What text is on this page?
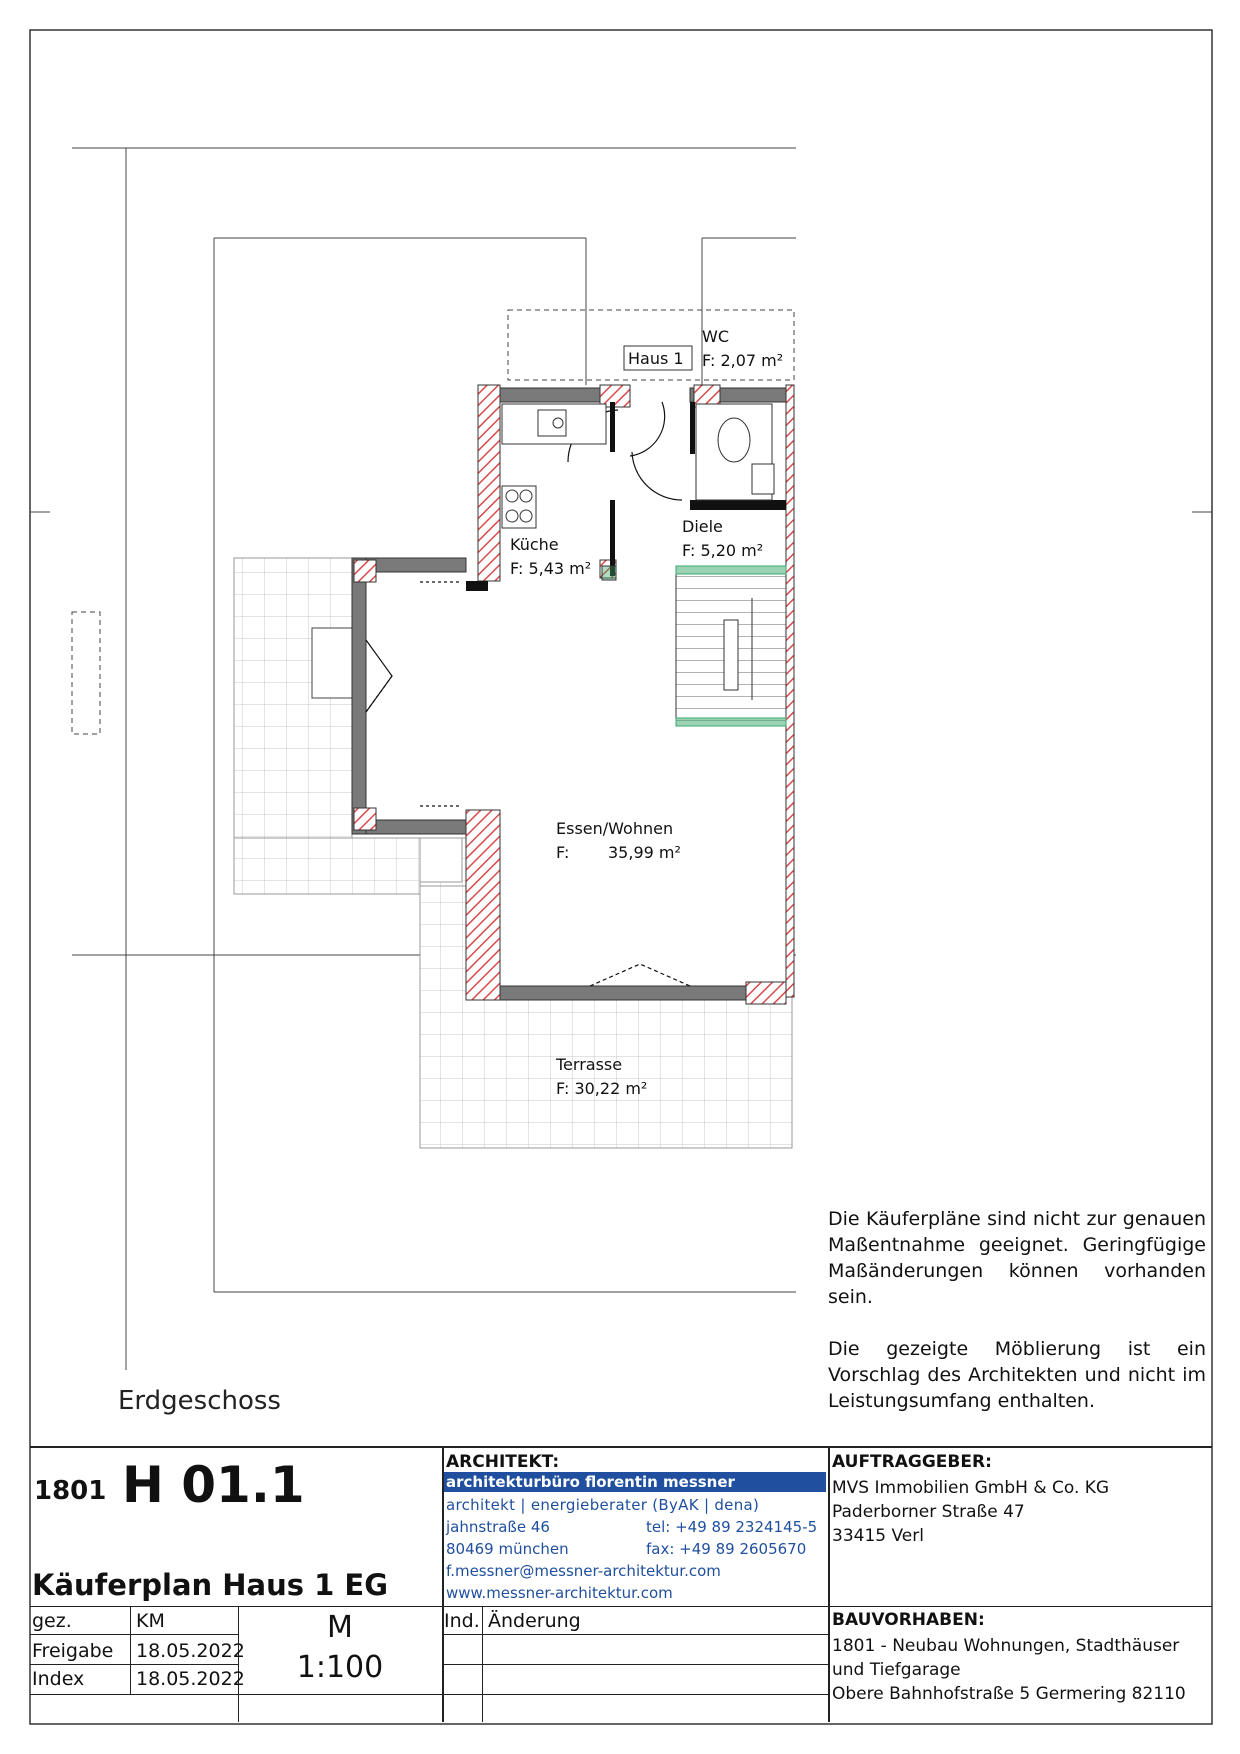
Haus 1
WC
F: 2,07 m²
Küche
F: 5,43 m²
Diele
F: 5,20 m²
Essen/Wohnen
F: 35,99 m²
Terrasse
F: 30,22 m²
Die Käuferpläne sind nicht zur genauen Maßentnahme geeignet. Geringfügige Maßänderungen können vorhanden sein.
Die gezeigte Möblierung ist ein Vorschlag des Architekten und nicht im Leistungsumfang enthalten.
Erdgeschoss
1801 H 01.1
Käuferplan Haus 1 EG
gez.	KM
Freigabe 18.05.2022
Index	18.05.2022
M
1:100
Ind. Änderung
ARCHITEKT:
architekturbüro florentin messner
architekt | energieberater (ByAK | dena)
jahnstraße 46	tel: +49 89 2324145-5
80469 münchen	fax: +49 89 2605670
f.messner@messner-architektur.com
www.messner-architektur.com
AUFTRAGGEBER:
MVS Immobilien GmbH & Co. KG
Paderborner Straße 47
33415 Verl
BAUVORHABEN:
1801 - Neubau Wohnungen, Stadthäuser
und Tiefgarage
Obere Bahnhofstraße 5 Germering 82110
